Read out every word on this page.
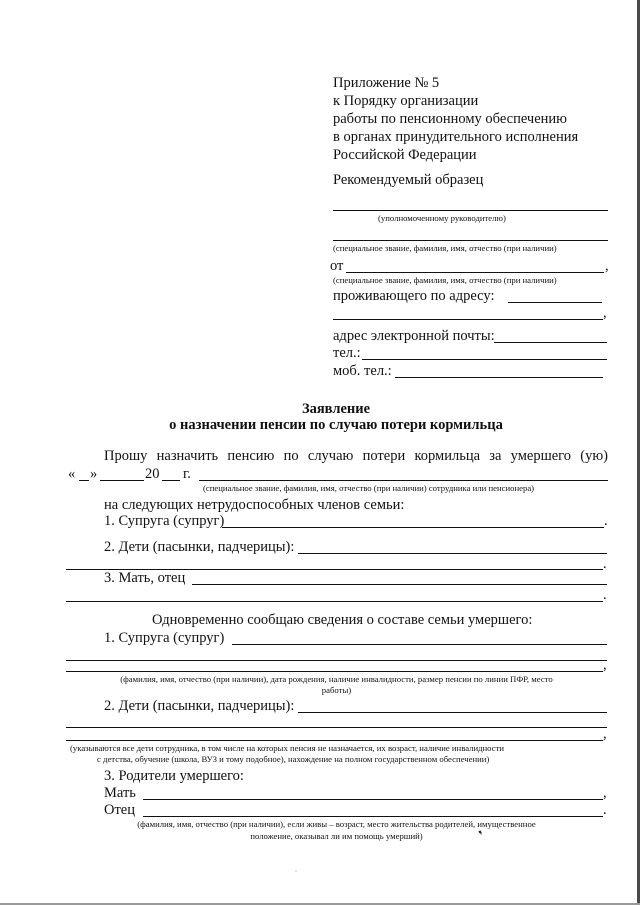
Приложение № 5
к Порядку организации
работы по пенсионному обеспечению
в органах принудительного исполнения
Российской Федерации
Рекомендуемый образец
(уполномоченному руководителю)
(специальное звание, фамилия, имя, отчество (при наличии)
от	,
(специальное звание, фамилия, имя, отчество (при наличии)
проживающего по адресу:
,
адрес электронной почты:
тел.:
моб. тел.:
Заявление
о назначении пенсии по случаю потери кормильца
Прошу назначить пенсию по случаю потери кормильца за умершего (ую)
« »	20 г.
(специальное звание, фамилия, имя, отчество (при наличии) сотрудника или пенсионера)
на следующих нетрудоспособных членов семьи:
1. Супруга (супруг)	.
2. Дети (пасынки, падчерицы):
.
3. Мать, отец
.
Одновременно сообщаю сведения о составе семьи умершего:
1. Супруга (супруг)
,
(фамилия, имя, отчество (при наличии), дата рождения, наличие инвалидности, размер пенсии по линии ПФР, место
работы)
2. Дети (пасынки, падчерицы):
,
(указываются все дети сотрудника, в том числе на которых пенсия не назначается, их возраст, наличие инвалидности
с детства, обучение (школа, ВУЗ и тому подобное), нахождение на полном государственном обеспечении)
3. Родители умершего:
Мать	,
Отец	.
(фамилия, имя, отчество (при наличии), если живы – возраст, место жительства родителей, имущественное
положение, оказывал ли им помощь умерший)	❜
·
